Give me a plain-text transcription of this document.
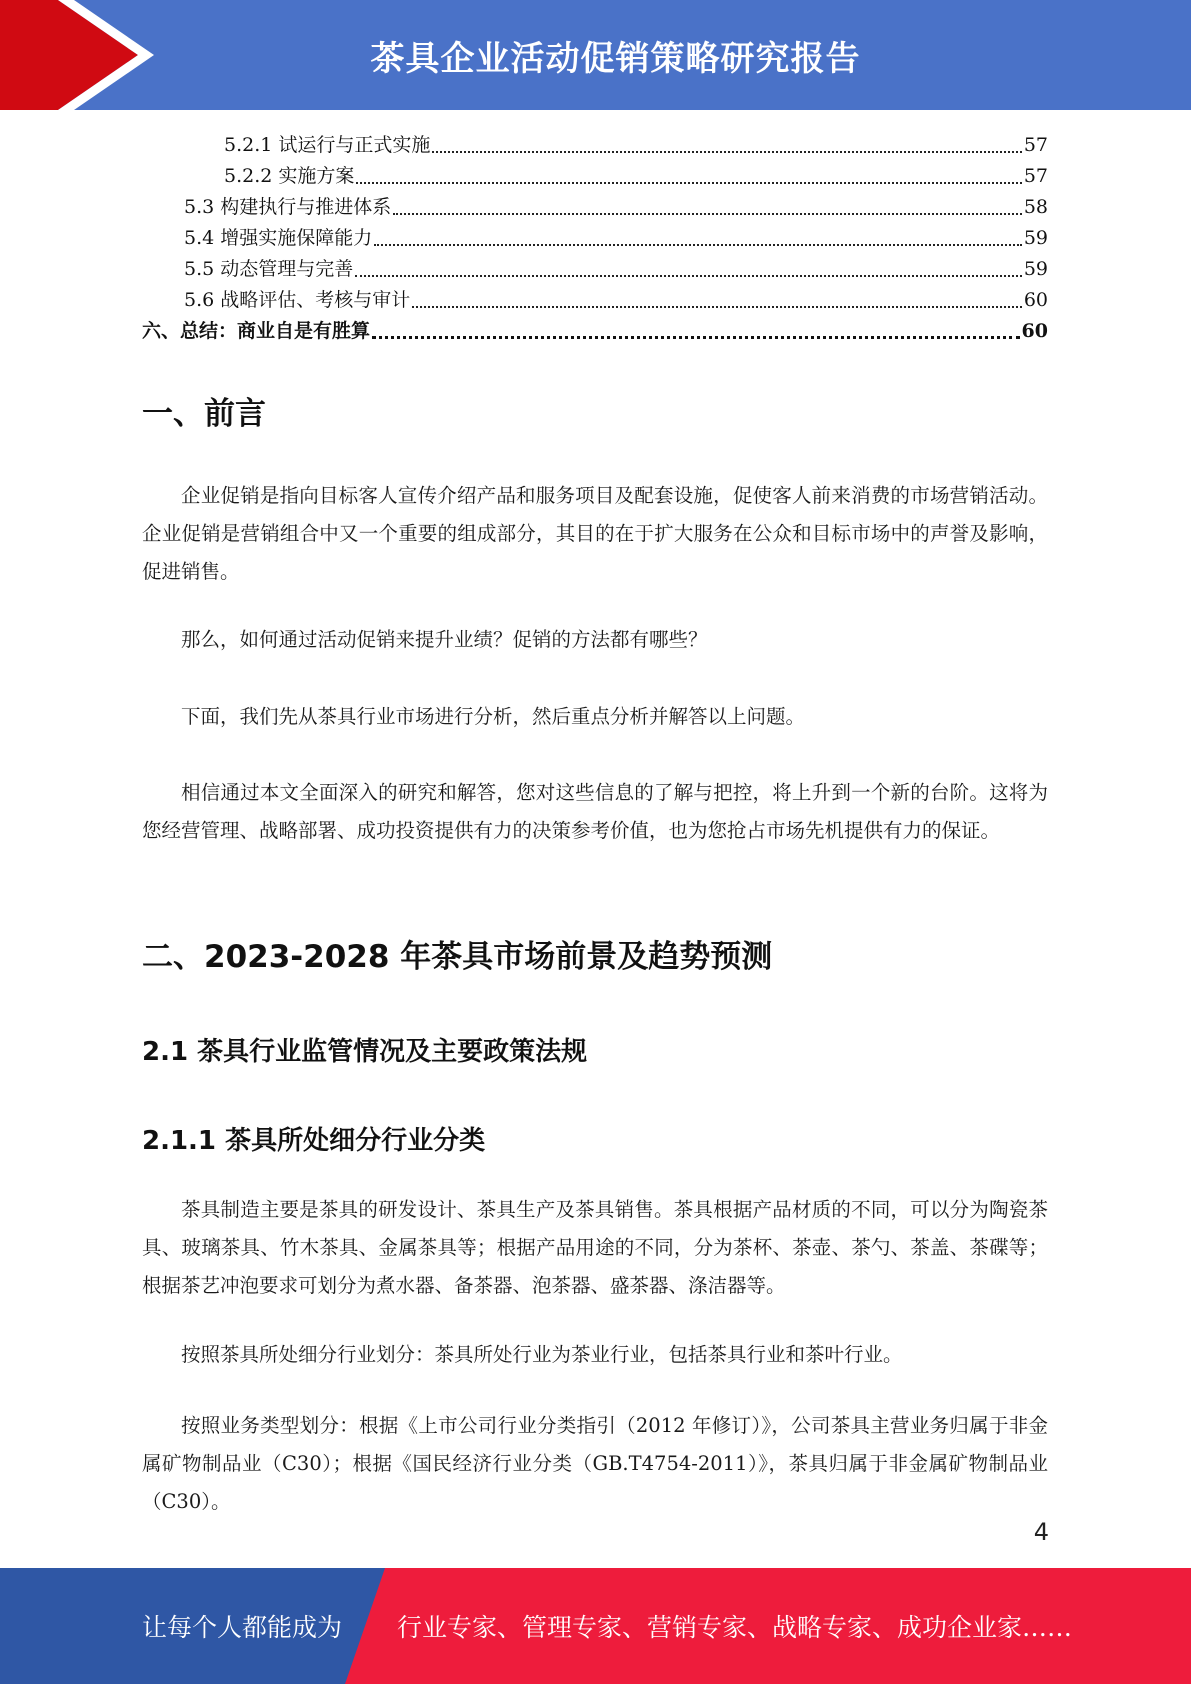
茶具企业活动促销策略研究报告
5.2.1 试运行与正式实施	57
5.2.2 实施方案	57
5.3 构建执行与推进体系	58
5.4 增强实施保障能力	59
5.5 动态管理与完善	59
5.6 战略评估、考核与审计	60
六、总结：商业自是有胜算	60
一、前言

企业促销是指向目标客人宣传介绍产品和服务项目及配套设施，促使客人前来消费的市场营销活动。企业促销是营销组合中又一个重要的组成部分，其目的在于扩大服务在公众和目标市场中的声誉及影响，促进销售。

那么，如何通过活动促销来提升业绩？促销的方法都有哪些？

下面，我们先从茶具行业市场进行分析，然后重点分析并解答以上问题。

相信通过本文全面深入的研究和解答，您对这些信息的了解与把控，将上升到一个新的台阶。这将为您经营管理、战略部署、成功投资提供有力的决策参考价值，也为您抢占市场先机提供有力的保证。

二、2023-2028 年茶具市场前景及趋势预测
2.1 茶具行业监管情况及主要政策法规
2.1.1 茶具所处细分行业分类

茶具制造主要是茶具的研发设计、茶具生产及茶具销售。茶具根据产品材质的不同，可以分为陶瓷茶具、玻璃茶具、竹木茶具、金属茶具等；根据产品用途的不同，分为茶杯、茶壶、茶勺、茶盖、茶碟等；根据茶艺冲泡要求可划分为煮水器、备茶器、泡茶器、盛茶器、涤洁器等。

按照茶具所处细分行业划分：茶具所处行业为茶业行业，包括茶具行业和茶叶行业。

按照业务类型划分：根据《上市公司行业分类指引（2012 年修订）》，公司茶具主营业务归属于非金属矿物制品业（C30）；根据《国民经济行业分类（GB.T4754-2011）》，茶具归属于非金属矿物制品业（C30）。

4
让每个人都能成为 行业专家、管理专家、营销专家、战略专家、成功企业家……
